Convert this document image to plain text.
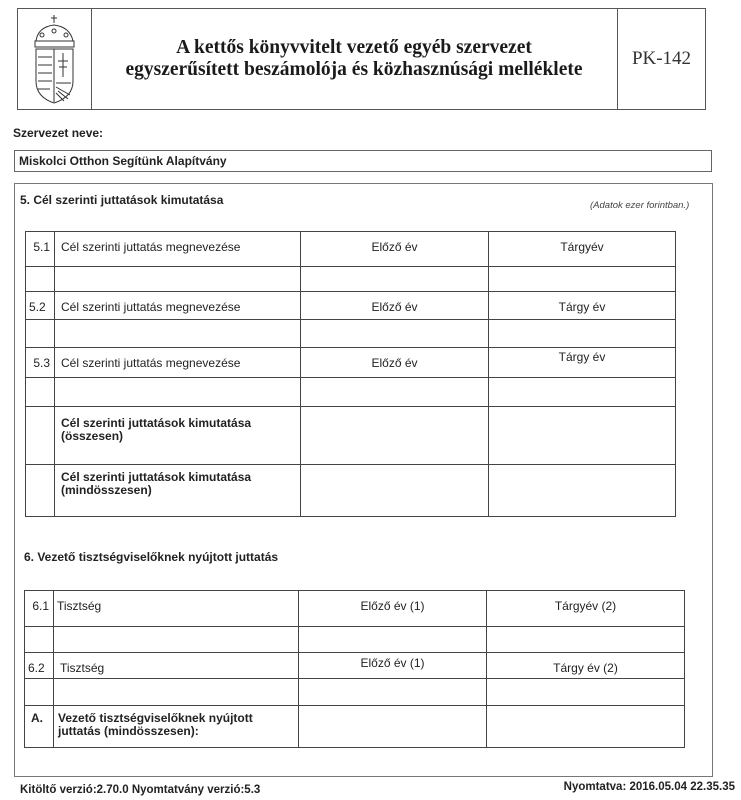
A kettős könyvvitelt vezető egyéb szervezet
egyszerűsített beszámolója és közhasznúsági melléklete
PK-142
Szervezet neve:
Miskolci Otthon Segítünk Alapítvány
5. Cél szerinti juttatások kimutatása	(Adatok ezer forintban.)
5.1	Cél szerinti juttatás megnevezése	Előző év	Tárgyév

5.2	Cél szerinti juttatás megnevezése	Előző év	Tárgy év

5.3	Cél szerinti juttatás megnevezése	Előző év	Tárgy év

	Cél szerinti juttatások kimutatása (összesen)		
	Cél szerinti juttatások kimutatása (mindösszesen)		
6. Vezető tisztségviselőknek nyújtott juttatás
6.1	Tisztség	Előző év (1)	Tárgyév (2)

6.2	Tisztség	Előző év (1)	Tárgy év (2)

A.	Vezető tisztségviselőknek nyújtott juttatás (mindösszesen):		
Kitöltő verzió:2.70.0 Nyomtatvány verzió:5.3	Nyomtatva: 2016.05.04 22.35.35
